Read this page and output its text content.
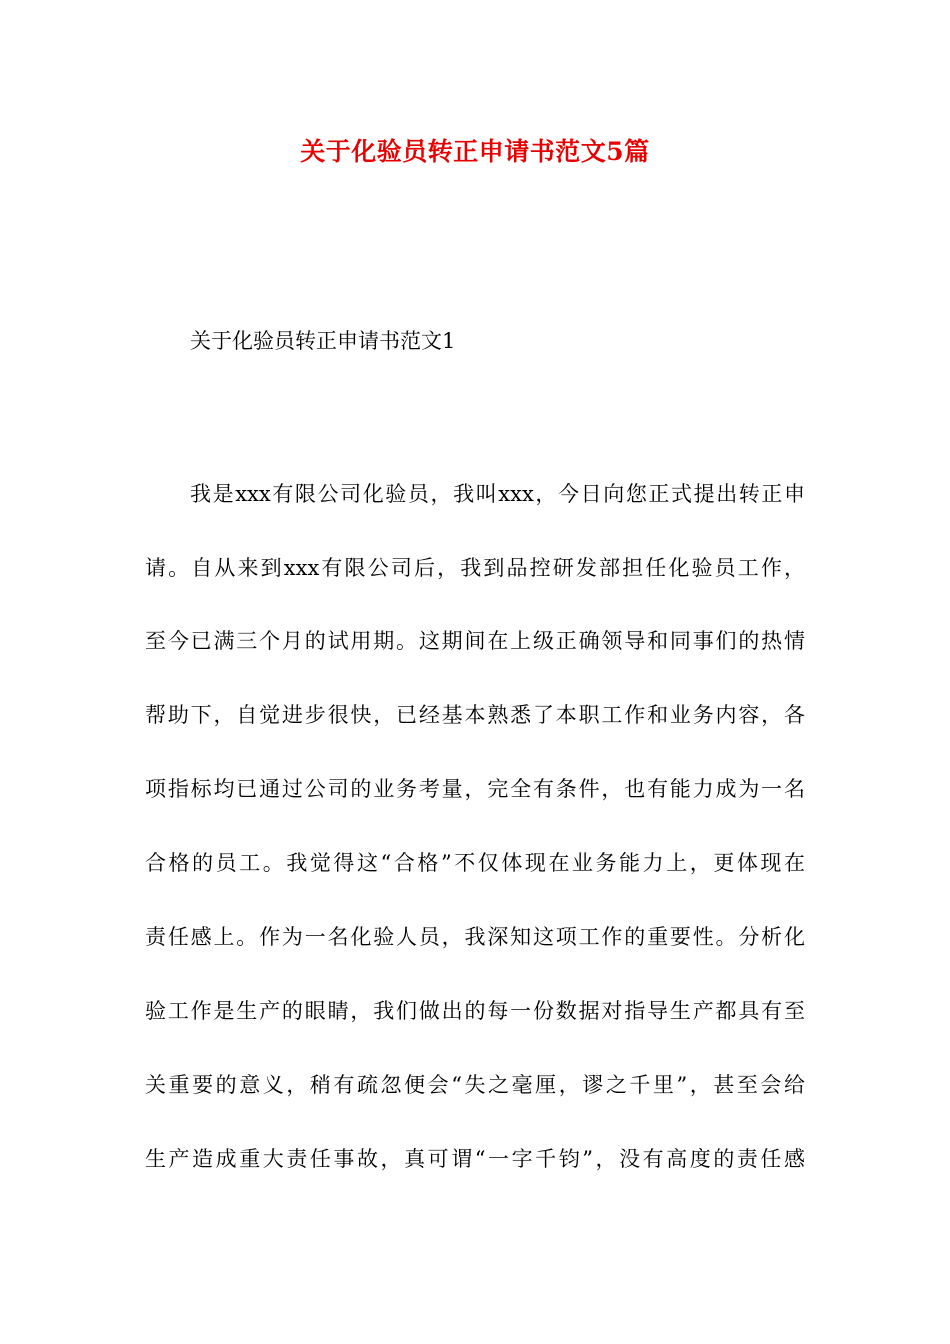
关于化验员转正申请书范文5篇
关于化验员转正申请书范文1
我是xxx有限公司化验员，我叫xxx，今日向您正式提出转正申
请。自从来到xxx有限公司后，我到品控研发部担任化验员工作，
至今已满三个月的试用期。这期间在上级正确领导和同事们的热情
帮助下，自觉进步很快，已经基本熟悉了本职工作和业务内容，各
项指标均已通过公司的业务考量，完全有条件，也有能力成为一名
合格的员工。我觉得这“合格”不仅体现在业务能力上，更体现在
责任感上。作为一名化验人员，我深知这项工作的重要性。分析化
验工作是生产的眼睛，我们做出的每一份数据对指导生产都具有至
关重要的意义，稍有疏忽便会“失之毫厘，谬之千里”，甚至会给
生产造成重大责任事故，真可谓“一字千钧”，没有高度的责任感
